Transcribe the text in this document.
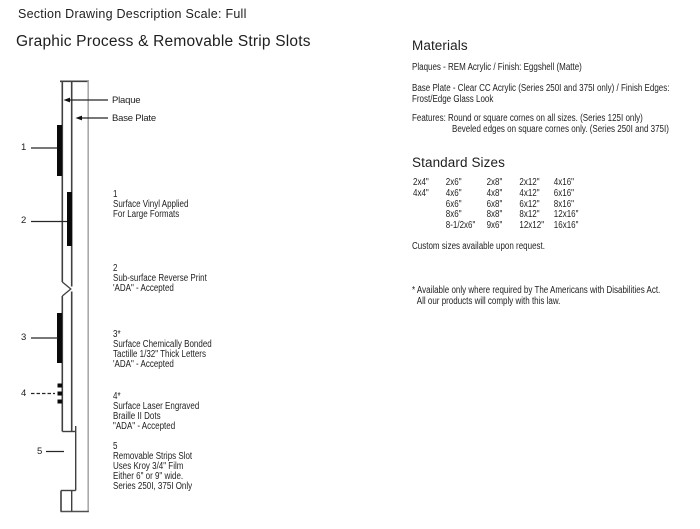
Section Drawing Description Scale: Full
Graphic Process & Removable Strip Slots
Plaque
Base Plate
1
2
3
4
5
1
Surface Vinyl Applied
For Large Formats
2
Sub-surface Reverse Print
'ADA" - Accepted
3*
Surface Chemically Bonded
Tactille 1/32" Thick Letters
'ADA" - Accepted
4*
Surface Laser Engraved
Braille II Dots
"ADA" - Accepted
5
Removable Strips Slot
Uses Kroy 3/4" Film
Either 6" or 9" wide.
Series 250I, 375I Only
Materials
Plaques - REM Acrylic / Finish: Eggshell (Matte)
Base Plate - Clear CC Acrylic (Series 250I and 375I only) / Finish Edges:
Frost/Edge Glass Look
Features: Round or square cornes on all sizes. (Series 125I only)
Beveled edges on square cornes only. (Series 250I and 375I)
Standard Sizes
2x4"	2x6"	2x8"	2x12"	4x16"
4x4"	4x6"	4x8"	4x12"	6x16"
6x6"	6x8"	6x12"	8x16"
8x6"	8x8"	8x12"	12x16"
8-1/2x6"	9x6"	12x12" 16x16"
Custom sizes available upon request.
* Available only where required by The Americans with Disabilities Act.
All our products will comply with this law.
